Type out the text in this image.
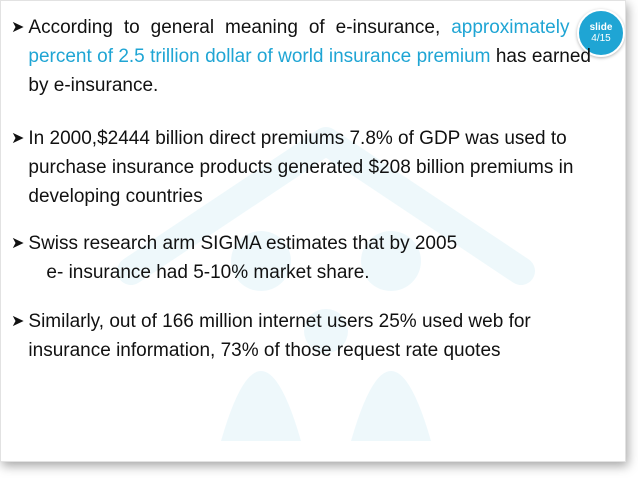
slide
4/15
➤ According to general meaning of e-insurance, approximately 1 percent of 2.5 trillion dollar of world insurance premium has earned by e-insurance.
➤ In 2000,$2444 billion direct premiums 7.8% of GDP was used to purchase insurance products generated $208 billion premiums in developing countries
➤ Swiss research arm SIGMA estimates that by 2005
e- insurance had 5-10% market share.
➤ Similarly, out of 166 million internet users 25% used web for insurance information, 73% of those request rate quotes
